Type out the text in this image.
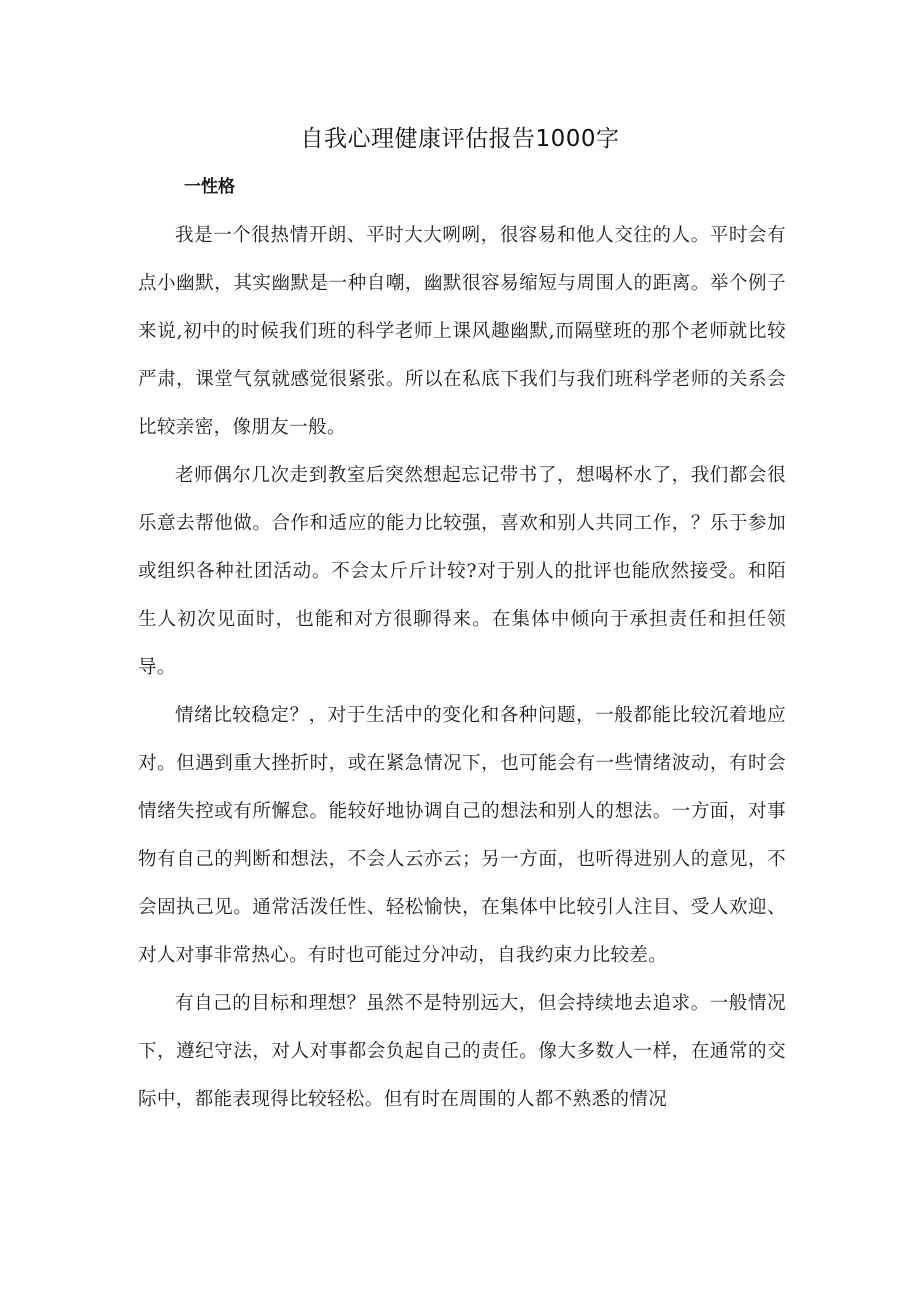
自我心理健康评估报告1000字
一性格

我是一个很热情开朗、平时大大咧咧，很容易和他人交往的人。平时会有点小幽默，其实幽默是一种自嘲，幽默很容易缩短与周围人的距离。举个例子来说,初中的时候我们班的科学老师上课风趣幽默,而隔壁班的那个老师就比较严肃，课堂气氛就感觉很紧张。所以在私底下我们与我们班科学老师的关系会比较亲密，像朋友一般。

老师偶尔几次走到教室后突然想起忘记带书了，想喝杯水了，我们都会很乐意去帮他做。合作和适应的能力比较强，喜欢和别人共同工作，？乐于参加或组织各种社团活动。不会太斤斤计较?对于别人的批评也能欣然接受。和陌生人初次见面时，也能和对方很聊得来。在集体中倾向于承担责任和担任领导。

情绪比较稳定？，对于生活中的变化和各种问题，一般都能比较沉着地应对。但遇到重大挫折时，或在紧急情况下，也可能会有一些情绪波动，有时会情绪失控或有所懈怠。能较好地协调自己的想法和别人的想法。一方面，对事物有自己的判断和想法，不会人云亦云；另一方面，也听得进别人的意见，不会固执己见。通常活泼任性、轻松愉快，在集体中比较引人注目、受人欢迎、对人对事非常热心。有时也可能过分冲动，自我约束力比较差。

有自己的目标和理想？虽然不是特别远大，但会持续地去追求。一般情况下，遵纪守法，对人对事都会负起自己的责任。像大多数人一样，在通常的交际中，都能表现得比较轻松。但有时在周围的人都不熟悉的情况
